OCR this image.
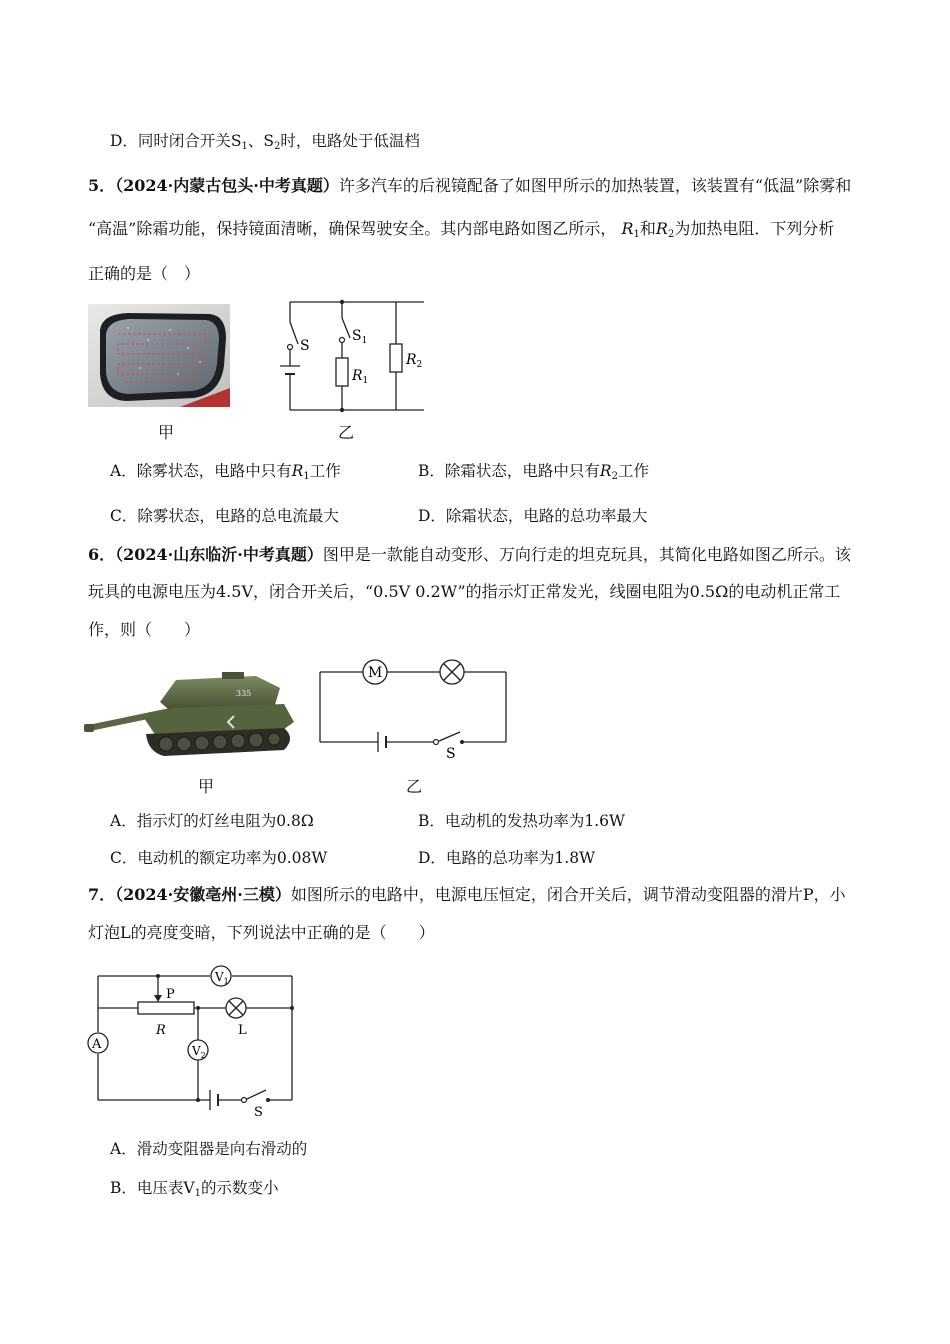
D．同时闭合开关$S_1$、$S_2$时，电路处于低温档
5．（2024·内蒙古包头·中考真题）许多汽车的后视镜配备了如图甲所示的加热装置，该装置有“低温”除雾和
“高温”除霜功能，保持镜面清晰，确保驾驶安全。其内部电路如图乙所示， $R_1$和$R_2$为加热电阻．下列分析
正确的是（　）
甲
S
$S_1$
$R_1$
$R_2$
乙
A．除雾状态，电路中只有$R_1$工作	B．除霜状态，电路中只有$R_2$工作
C．除雾状态，电路的总电流最大	D．除霜状态，电路的总功率最大
6．（2024·山东临沂·中考真题）图甲是一款能自动变形、万向行走的坦克玩具，其简化电路如图乙所示。该
玩具的电源电压为4.5V，闭合开关后，“0.5V 0.2W”的指示灯正常发光，线圈电阻为0.5Ω的电动机正常工
作，则（　　）
335
甲
M
S
乙
A．指示灯的灯丝电阻为0.8Ω	B．电动机的发热功率为1.6W
C．电动机的额定功率为0.08W	D．电路的总功率为1.8W
7．（2024·安徽亳州·三模）如图所示的电路中，电源电压恒定，闭合开关后，调节滑动变阻器的滑片P，小
灯泡L的亮度变暗，下列说法中正确的是（　　）
$V_1$
$V_2$
A
P
R	L
S
A．滑动变阻器是向右滑动的
B．电压表$V_1$的示数变小
